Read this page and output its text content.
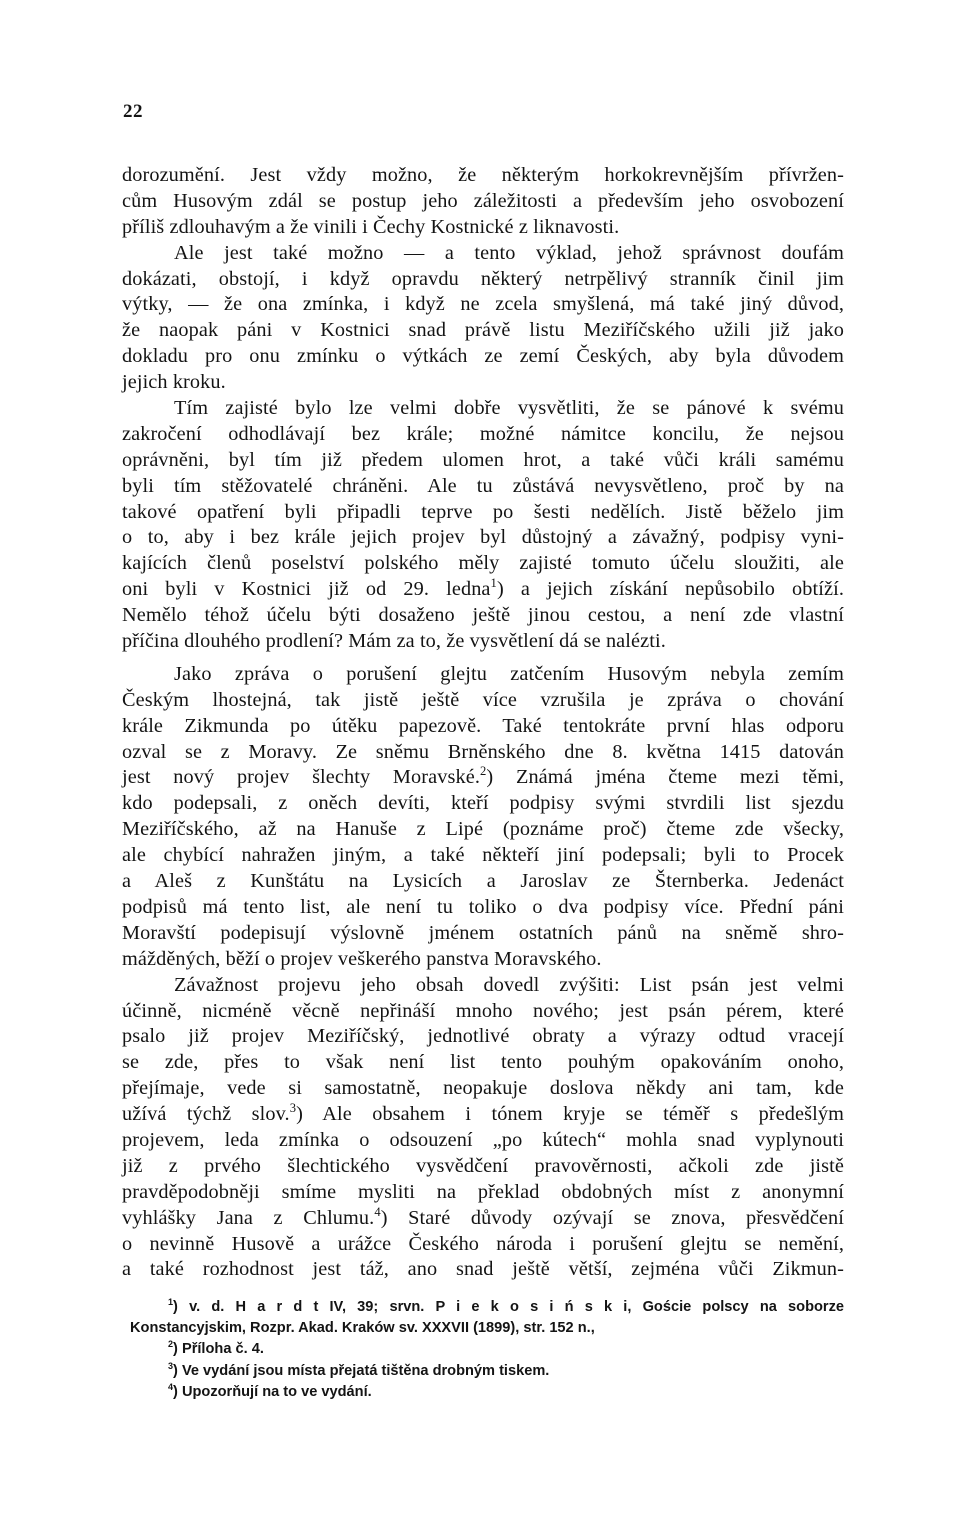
22
dorozumění. Jest vždy možno, že některým horkokrevnějším přívržen-
cům Husovým zdál se postup jeho záležitosti a především jeho osvobození
příliš zdlouhavým a že vinili i Čechy Kostnické z liknavosti.
Ale jest také možno — a tento výklad, jehož správnost doufám
dokázati, obstojí, i když opravdu některý netrpělivý stranník činil jim
výtky, — že ona zmínka, i když ne zcela smyšlená, má také jiný důvod,
že naopak páni v Kostnici snad právě listu Meziříčského užili již jako
dokladu pro onu zmínku o výtkách ze zemí Českých, aby byla důvodem
jejich kroku.
Tím zajisté bylo lze velmi dobře vysvětliti, že se pánové k svému
zakročení odhodlávají bez krále; možné námitce koncilu, že nejsou
oprávněni, byl tím již předem ulomen hrot, a také vůči králi samému
byli tím stěžovatelé chráněni. Ale tu zůstává nevysvětleno, proč by na
takové opatření byli připadli teprve po šesti nedělích. Jistě běželo jim
o to, aby i bez krále jejich projev byl důstojný a závažný, podpisy vyni-
kajících členů poselství polského měly zajisté tomuto účelu sloužiti, ale
oni byli v Kostnici již od 29. ledna$^1$) a jejich získání nepůsobilo obtíží.
Nemělo téhož účelu býti dosaženo ještě jinou cestou, a není zde vlastní
příčina dlouhého prodlení? Mám za to, že vysvětlení dá se nalézti.
Jako zpráva o porušení glejtu zatčením Husovým nebyla zemím
Českým lhostejná, tak jistě ještě více vzrušila je zpráva o chování
krále Zikmunda po útěku papezově. Také tentokráte první hlas odporu
ozval se z Moravy. Ze sněmu Brněnského dne 8. května 1415 datován
jest nový projev šlechty Moravské.$^2$) Známá jména čteme mezi těmi,
kdo podepsali, z oněch devíti, kteří podpisy svými stvrdili list sjezdu
Meziříčského, až na Hanuše z Lipé (poznáme proč) čteme zde všecky,
ale chybící nahražen jiným, a také někteří jiní podepsali; byli to Procek
a Aleš z Kunštátu na Lysicích a Jaroslav ze Šternberka. Jedenáct
podpisů má tento list, ale není tu toliko o dva podpisy více. Přední páni
Moravští podepisují výslovně jménem ostatních pánů na sněmě shro-
mážděných, běží o projev veškerého panstva Moravského.
Závažnost projevu jeho obsah dovedl zvýšiti: List psán jest velmi
účinně, nicméně věcně nepřináší mnoho nového; jest psán pérem, které
psalo již projev Meziříčský, jednotlivé obraty a výrazy odtud vracejí
se zde, přes to však není list tento pouhým opakováním onoho,
přejímaje, vede si samostatně, neopakuje doslova někdy ani tam, kde
užívá týchž slov.$^3$) Ale obsahem i tónem kryje se téměř s předešlým
projevem, leda zmínka o odsouzení „po kútech“ mohla snad vyplynouti
již z prvého šlechtického vysvědčení pravověrnosti, ačkoli zde jistě
pravděpodobněji smíme mysliti na překlad obdobných míst z anonymní
vyhlášky Jana z Chlumu.$^4$) Staré důvody ozývají se znova, přesvědčení
o nevinně Husově a urážce Českého národa i porušení glejtu se nemění,
a také rozhodnost jest táž, ano snad ještě větší, zejména vůči Zikmun-
$^1$) v. d. H a r d t IV, 39; srvn. P i e k o s i ń s k i, Goście polscy na soborze
Konstancyjskim, Rozpr. Akad. Kraków sv. XXXVII (1899), str. 152 n.,
$^2$) Příloha č. 4.
$^3$) Ve vydání jsou místa přejatá tištěna drobným tiskem.
$^4$) Upozorňují na to ve vydání.
